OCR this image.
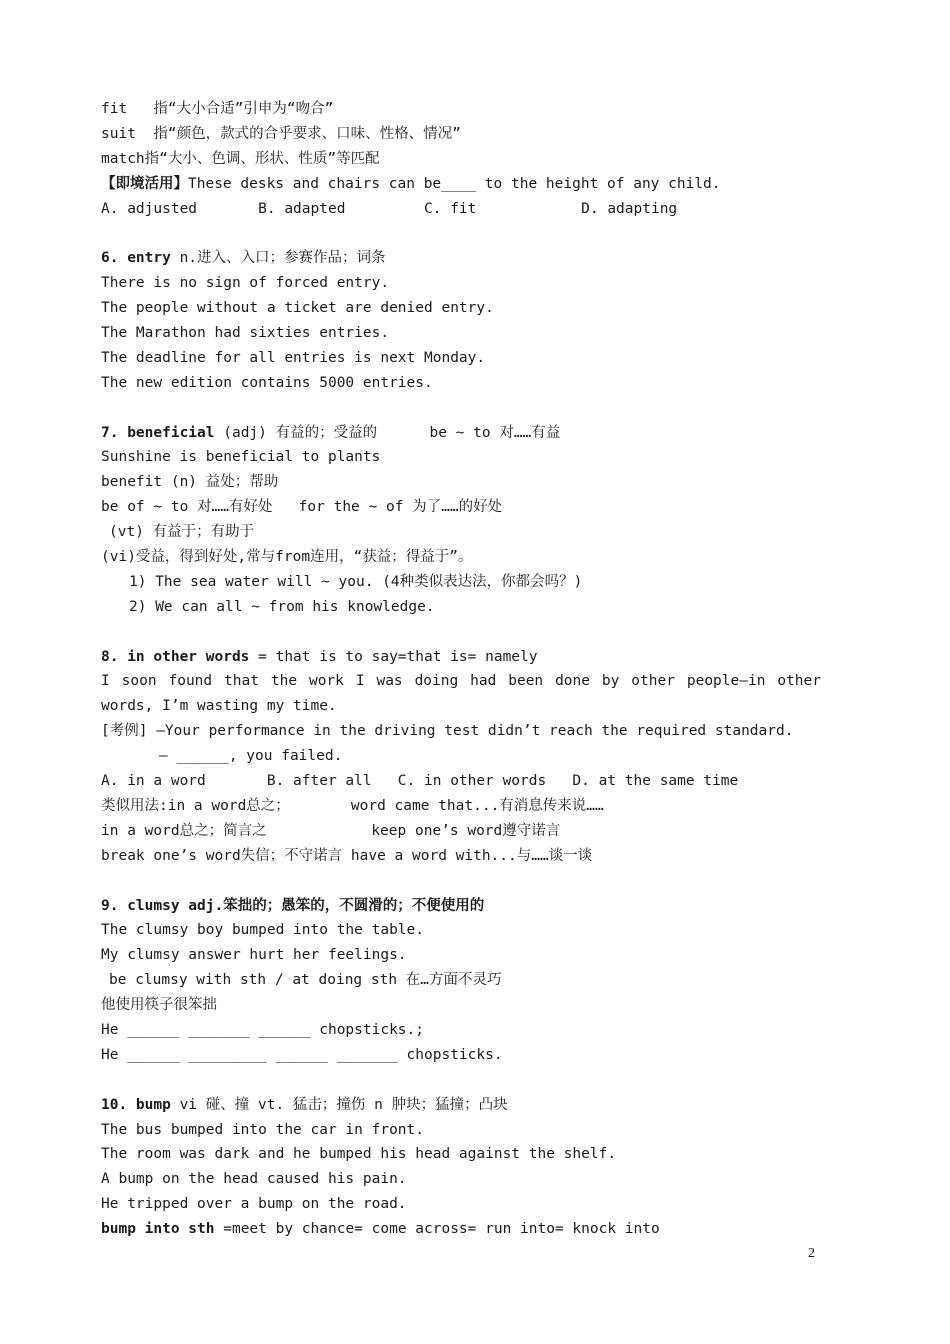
fit   指“大小合适”引申为“吻合”
suit  指“颜色，款式的合乎要求、口味、性格、情况”
match指“大小、色调、形状、性质”等匹配
【即境活用】These desks and chairs can be____ to the height of any child.
A. adjusted       B. adapted         C. fit            D. adapting
6. entry n.进入、入口；参赛作品；词条
There is no sign of forced entry.
The people without a ticket are denied entry.
The Marathon had sixties entries.
The deadline for all entries is next Monday.
The new edition contains 5000 entries.
7. beneficial (adj) 有益的；受益的      be ~ to 对……有益
Sunshine is beneficial to plants
benefit (n) 益处；帮助
be of ~ to 对……有好处   for the ~ of 为了……的好处
(vt) 有益于；有助于
(vi)受益，得到好处,常与from连用，“获益；得益于”。
1) The sea water will ~ you. (4种类似表达法，你都会吗？)
2) We can all ~ from his knowledge.
8. in other words = that is to say=that is= namely
I soon found that the work I was doing had been done by other people—in other
words, I’m wasting my time.
[考例] —Your performance in the driving test didn’t reach the required standard.
— ______, you failed.
A. in a word       B. after all   C. in other words   D. at the same time
类似用法:in a word总之；       word came that...有消息传来说……
in a word总之；简言之            keep one’s word遵守诺言
break one’s word失信；不守诺言 have a word with...与……谈一谈
9. clumsy adj.笨拙的；愚笨的，不圆滑的；不便使用的
The clumsy boy bumped into the table.
My clumsy answer hurt her feelings.
be clumsy with sth / at doing sth 在…方面不灵巧
他使用筷子很笨拙
He ______ _______ ______ chopsticks.;
He ______ _________ ______ _______ chopsticks.
10. bump vi 碰、撞 vt. 猛击；撞伤 n 肿块；猛撞；凸块
The bus bumped into the car in front.
The room was dark and he bumped his head against the shelf.
A bump on the head caused his pain.
He tripped over a bump on the road.
bump into sth =meet by chance= come across= run into= knock into
2
